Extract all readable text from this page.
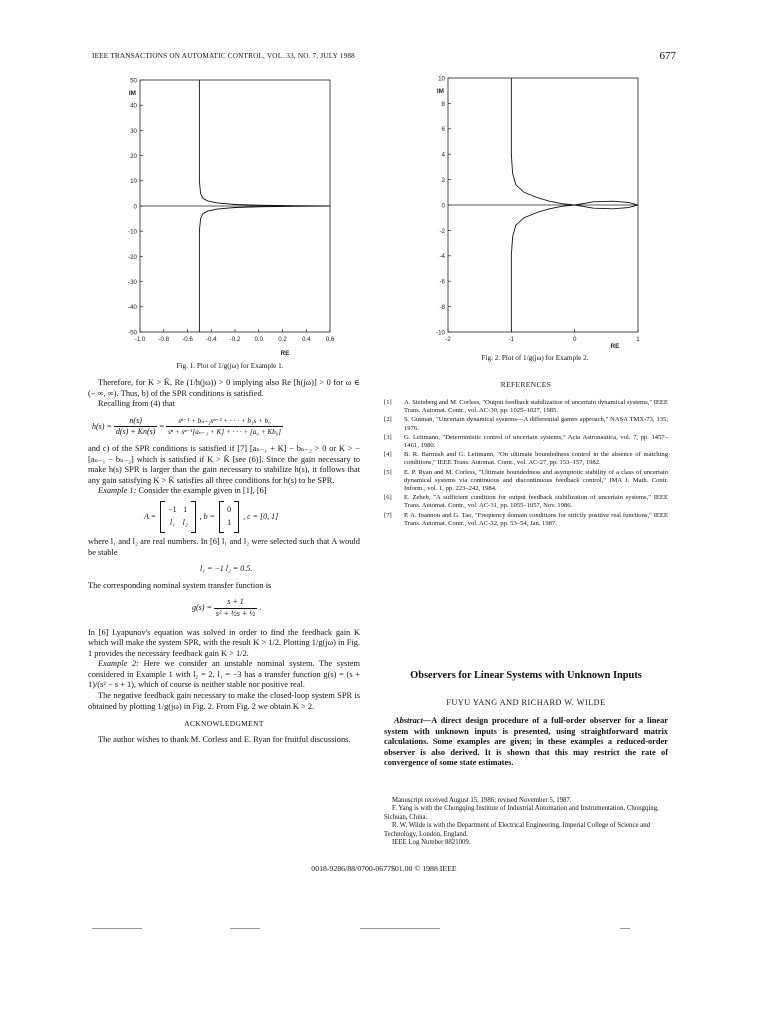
IEEE TRANSACTIONS ON AUTOMATIC CONTROL, VOL. 33, NO. 7, JULY 1988	677
50
40
30
20
10
0
-10
-20
-30
-40
-50
-1.0 -0.8 -0.6 -0.4 -0.2 0.0 0.2 0.4 0.6
IM
RE
Fig. 1. Plot of 1/g(jω) for Example 1.
10
8
6
4
2
0
-2
-4
-6
-8
-10
-2	-1	0	1
IM
RE
Fig. 2. Plot of 1/g(jω) for Example 2.

Therefore, for K > K̄, Re (1/h(jω)) > 0 implying also Re [h(jω)] > 0 for ω ∈ (− ∞, ∞). Thus, b) of the SPR conditions is satisfied.

Recalling from (4) that

$h(s) = \frac{n(s)}{d(s) + Kn(s)} = \frac{\text{sⁿ⁻¹ + bₙ₋₂sⁿ⁻² + · · · + b₁s + b₀}}{\text{sⁿ + sⁿ⁻¹[aₙ₋₁ + K] + · · · + [a₀ + Kb₀]}}$

and c) of the SPR conditions is satisfied if [7] [aₙ₋₁ + K] − bₙ₋₂ > 0 or K > −[aₙ₋₁ − bₙ₋₂] which is satisfied if K > K̄ [see (6)]. Since the gain necessary to make h(s) SPR is larger than the gain necessary to stabilize h(s), it follows that any gain satisfying K > K̄ satisfies all three conditions for h(s) to be SPR.

Example 1: Consider the example given in [1], [6]

A =
−1 1
l₁ l₂
, b =
0
1
, c = [0, 1]

where l₁ and l₂ are real numbers. In [6] l₁ and l₂ were selected such that A would be stable

l₁ = −1 l₂ = 0.5.

The corresponding nominal system transfer function is

$g(s) = \frac{s + 1}{\text{s² + ½s + ½}}$ .

In [6] Lyapunov's equation was solved in order to find the feedback gain K which will make the system SPR, with the result K > 1/2. Plotting 1/g(jω) in Fig. 1 provides the necessary feedback gain K > 1/2.

Example 2: Here we consider an unstable nominal system. The system considered in Example 1 with l₂ = 2, l₁ = −3 has a transfer function g(s) = (s + 1)/(s² − s + 1), which of course is neither stable nor positive real.

The negative feedback gain necessary to make the closed-loop system SPR is obtained by plotting 1/g(jω) in Fig. 2. From Fig. 2 we obtain K > 2.

ACKNOWLEDGMENT

The author wishes to thank M. Corless and E. Ryan for fruitful discussions.

REFERENCES
[1]	A. Steinberg and M. Corless, "Output feedback stabilization of uncertain dynamical systems," IEEE Trans. Automat. Contr., vol. AC-30, pp. 1025–1027, 1985.
[2]	S. Gutman, "Uncertain dynamical systems—A differential games approach," NASA TMX-73, 135, 1976.
[3]	G. Leitmann, "Deterministic control of uncertain systems," Acta Astronautica, vol. 7, pp. 1457–1461, 1980.
[4]	B. R. Barmish and G. Leitmann, "On ultimate boundedness control in the absence of matching conditions," IEEE Trans. Automat. Contr., vol. AC-27, pp. 153–157, 1982.
[5]	E. P. Ryan and M. Corless, "Ultimate boundedness and asymptotic stability of a class of uncertain dynamical systems via continuous and discontinuous feedback control," IMA J. Math. Contr. Inform., vol. 1, pp. 223–242, 1984.
[6]	E. Zeheb, "A sufficient condition for output feedback stabilization of uncertain systems," IEEE Trans. Automat. Contr., vol. AC-31, pp. 1055–1057, Nov. 1986.
[7]	P. A. Ioannou and G. Tao, "Frequency domain conditions for strictly positive real functions," IEEE Trans. Automat. Contr., vol. AC-32, pp. 53–54, Jan. 1987.
Observers for Linear Systems with Unknown Inputs
FUYU YANG AND RICHARD W. WILDE
Abstract—A direct design procedure of a full-order observer for a linear system with unknown inputs is presented, using straightforward matrix calculations. Some examples are given; in these examples a reduced-order observer is also derived. It is shown that this may restrict the rate of convergence of some state estimates.
Manuscript received August 15, 1986; revised November 5, 1987.
F. Yang is with the Chongqing Institute of Industrial Automation and Instrumentation, Chongqing, Sichuan, China.
R. W. Wilde is with the Department of Electrical Engineering, Imperial College of Science and Technology, London, England.
IEEE Log Number 8821009.
0018-9286/88/0700-0677$01.00 © 1988 IEEE
